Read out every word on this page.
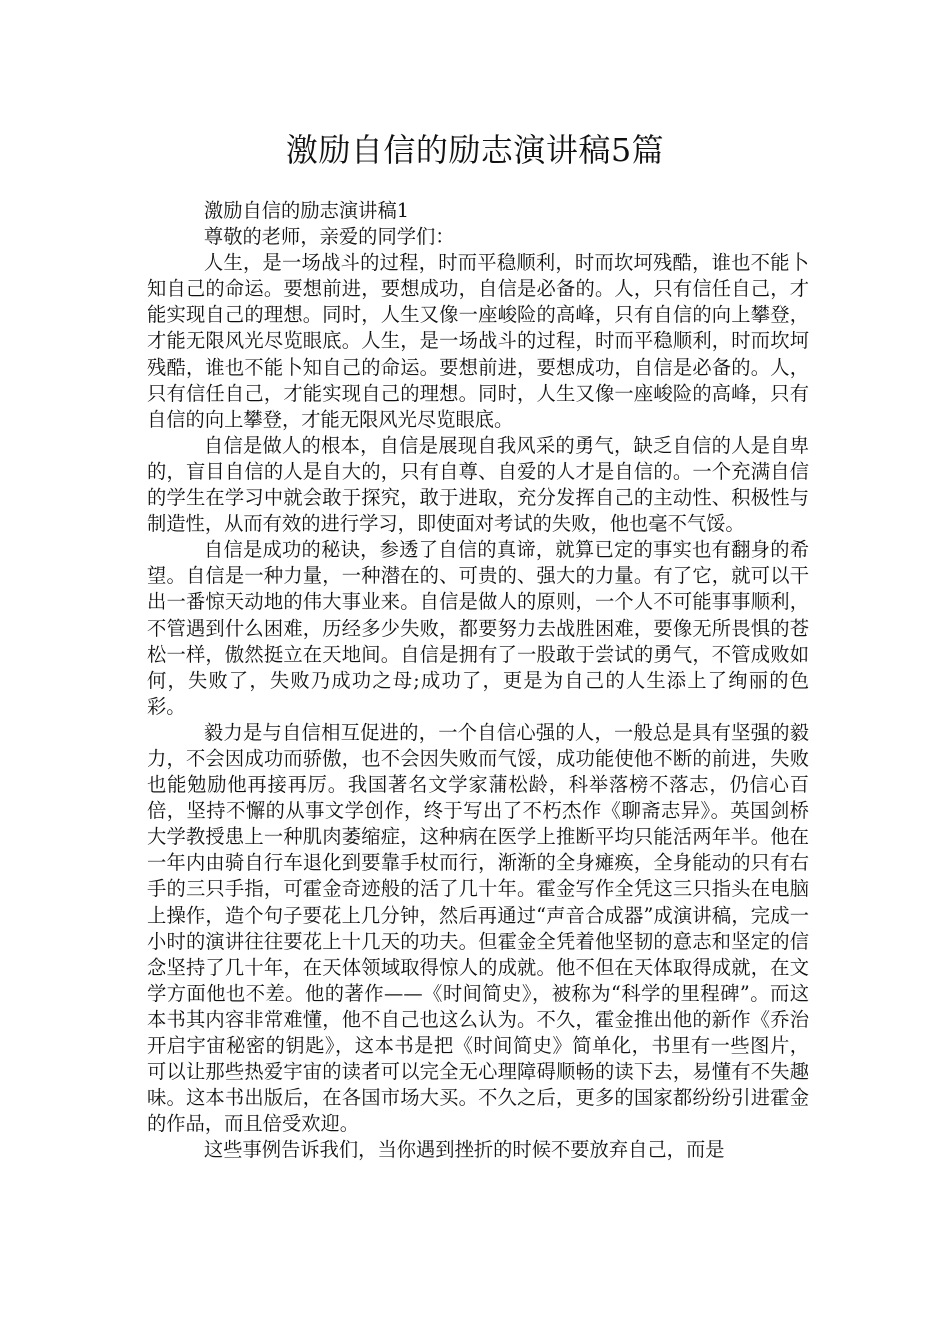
激励自信的励志演讲稿5篇

激励自信的励志演讲稿1

尊敬的老师，亲爱的同学们：

人生，是一场战斗的过程，时而平稳顺利，时而坎坷残酷，谁也不能卜知自己的命运。要想前进，要想成功，自信是必备的。人，只有信任自己，才能实现自己的理想。同时，人生又像一座峻险的高峰，只有自信的向上攀登，才能无限风光尽览眼底。人生，是一场战斗的过程，时而平稳顺利，时而坎坷残酷，谁也不能卜知自己的命运。要想前进，要想成功，自信是必备的。人，只有信任自己，才能实现自己的理想。同时，人生又像一座峻险的高峰，只有自信的向上攀登，才能无限风光尽览眼底。

自信是做人的根本，自信是展现自我风采的勇气，缺乏自信的人是自卑的，盲目自信的人是自大的，只有自尊、自爱的人才是自信的。一个充满自信的学生在学习中就会敢于探究，敢于进取，充分发挥自己的主动性、积极性与制造性，从而有效的进行学习，即使面对考试的失败，他也毫不气馁。

自信是成功的秘诀，参透了自信的真谛，就算已定的事实也有翻身的希望。自信是一种力量，一种潜在的、可贵的、强大的力量。有了它，就可以干出一番惊天动地的伟大事业来。自信是做人的原则，一个人不可能事事顺利，不管遇到什么困难，历经多少失败，都要努力去战胜困难，要像无所畏惧的苍松一样，傲然挺立在天地间。自信是拥有了一股敢于尝试的勇气，不管成败如何，失败了，失败乃成功之母;成功了，更是为自己的人生添上了绚丽的色彩。

毅力是与自信相互促进的，一个自信心强的人，一般总是具有坚强的毅力，不会因成功而骄傲，也不会因失败而气馁，成功能使他不断的前进，失败也能勉励他再接再厉。我国著名文学家蒲松龄，科举落榜不落志，仍信心百倍，坚持不懈的从事文学创作，终于写出了不朽杰作《聊斋志异》。英国剑桥大学教授患上一种肌肉萎缩症，这种病在医学上推断平均只能活两年半。他在一年内由骑自行车退化到要靠手杖而行，渐渐的全身瘫痪，全身能动的只有右手的三只手指，可霍金奇迹般的活了几十年。霍金写作全凭这三只指头在电脑上操作，造个句子要花上几分钟，然后再通过“声音合成器”成演讲稿，完成一小时的演讲往往要花上十几天的功夫。但霍金全凭着他坚韧的意志和坚定的信念坚持了几十年，在天体领域取得惊人的成就。他不但在天体取得成就，在文学方面他也不差。他的著作——《时间简史》，被称为“科学的里程碑”。而这本书其内容非常难懂，他不自己也这么认为。不久，霍金推出他的新作《乔治开启宇宙秘密的钥匙》，这本书是把《时间简史》简单化，书里有一些图片，可以让那些热爱宇宙的读者可以完全无心理障碍顺畅的读下去，易懂有不失趣味。这本书出版后，在各国市场大买。不久之后，更多的国家都纷纷引进霍金的作品，而且倍受欢迎。

这些事例告诉我们，当你遇到挫折的时候不要放弃自己，而是
